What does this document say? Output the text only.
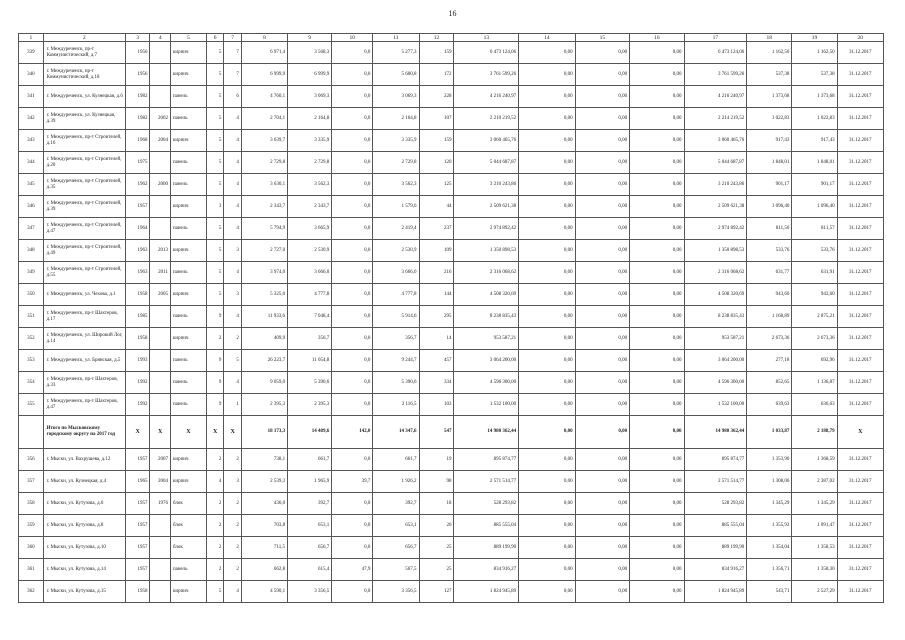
16
1	2	3	4	5	6	7	8	9	10	11	12	13	14	15	16	17	18	19	20
339	г. Междуреченск, пр-т Коммунистический, д.7	1956		кирпич	5	7	6 971,4	3 568,3	0,0	5 277,3	159	6 473 124,06	0,00	0,00	0,00	6 473 124,06	1 162,50	1 162,50	31.12.2017
340	г. Междуреченск, пр-т Коммунистический, д.18	1956		кирпич	5	7	6 999,9	6 999,9	0,0	5 600,8	172	3 761 599,26	0,00	0,00	0,00	3 761 599,26	537,38	537,38	31.12.2017
341	г. Междуреченск, ул. Кузнецкая, д.6	1982		панель	5	6	4 760,1	3 069,3	0,0	3 069,3	228	4 216 240,97	0,00	0,00	0,00	4 216 240,97	1 373,68	1 373,68	31.12.2017
342	г. Междуреченск, ул. Кузнецкая, д.39	1982	2002	панель	5	4	2 704,1	2 164,8	0,0	2 164,8	107	2 210 219,52	0,00	0,00	0,00	2 214 219,52	1 022,83	1 022,83	31.12.2017
343	г. Междуреченск, пр-т Строителей, д.16	1968	2004	кирпич	5	4	3 639,7	3 335,9	0,0	3 335,9	159	3 060 465,76	0,00	0,00	0,00	3 060 465,76	917,43	917,43	31.12.2017
344	г. Междуреченск, пр-т Строителей, д.20	1975		панель	5	4	2 729,8	2 729,8	0,0	2 729,8	120	5 044 687,87	0,00	0,00	0,00	5 044 687,87	1 848,01	1 848,01	31.12.2017
345	г. Междуреченск, пр-т Строителей, д.35	1962	2000	панель	5	4	3 630,1	3 562,3	0,0	3 562,3	125	3 210 243,86	0,00	0,00	0,00	3 210 243,86	901,17	901,17	31.12.2017
346	г. Междуреченск, пр-т Строителей, д.39	1957		кирпич	3	4	2 343,7	2 343,7	0,0	1 579,6	44	2 509 621,38	0,00	0,00	0,00	2 509 621,38	1 096,40	1 096,40	31.12.2017
347	г. Междуреченск, пр-т Строителей, д.47	1964		панель	5	4	5 794,9	3 665,9	0,0	2 419,4	237	2 974 892,42	0,00	0,00	0,00	2 974 892,42	811,50	811,57	31.12.2017
348	г. Междуреченск, пр-т Строителей, д.49	1963	2013	кирпич	5	3	2 727,0	2 530,9	0,0	2 530,9	109	1 350 898,53	0,00	0,00	0,00	1 350 898,53	533,76	533,76	31.12.2017
349	г. Междуреченск, пр-т Строителей, д.55	1963	2011	панель	5	4	3 974,0	3 666,0	0,0	3 666,0	216	2 316 068,62	0,00	0,00	0,00	2 316 068,62	631,77	631,91	31.12.2017
350	г. Междуреченск, ул. Чехова, д.1	1958	2005	кирпич	5	3	5 325,0	4 777,8	0,0	4 777,8	144	4 508 320,69	0,00	0,00	0,00	4 508 320,69	943,60	943,60	31.12.2017
351	г. Междуреченск, пр-т Шахтеров, д.17	1985		панель	9	4	11 933,6	7 048,4	0,0	5 914,6	295	8 238 835,43	0,00	0,00	0,00	8 238 835,43	1 168,89	2 875,21	31.12.2017
352	г. Междуреченск, ул. Широкий Лог, д.14	1958		кирпич	2	2	409,9	356,7	0,0	356,7	14	953 587,21	0,00	0,00	0,00	953 587,21	2 673,36	2 673,36	31.12.2017
353	г. Междуреченск, ул. Брянская, д.5	1993		панель	9	5	26 223,7	11 054,8	0,0	9 244,7	457	3 064 200,00	0,00	0,00	0,00	3 064 200,00	277,18	692,96	31.12.2017
354	г. Междуреченск, пр-т Шахтеров, д.33	1992		панель	9	4	9 059,0	5 390,6	0,0	5 390,6	334	4 596 300,00	0,00	0,00	0,00	4 596 300,00	852,65	1 136,87	31.12.2017
355	г. Междуреченск, пр-т Шахтеров, д.47	1992		панель	9	1	2 395,3	2 395,3	0,0	2 116,5	103	1 532 100,00	0,00	0,00	0,00	1 532 100,00	639,63	636,63	31.12.2017
	Итого по Мысковскому городскому округу на 2017 год	X	X	X	X	X	18 173,3	14 489,6	142,0	14 347,6	547	14 980 362,44	0,00	0,00	0,00	14 980 362,44	1 033,87	2 188,79	X
356	г. Мыски, ул. Вахрушева, д.12	1957	2007	кирпич	2	2	738,1	661,7	0,0	661,7	19	895 874,77	0,00	0,00	0,00	895 874,77	1 353,90	1 368,59	31.12.2017
357	г. Мыски, ул. Кузнецкая, д.4	1965	2004	кирпич	4	3	2 539,3	1 965,9	39,7	1 926,2	98	2 571 514,77	0,00	0,00	0,00	2 571 514,77	1 308,06	2 387,02	31.12.2017
358	г. Мыски, ул. Кутузова, д.6	1957	1976	блок	2	2	436,0	392,7	0,0	392,7	18	528 293,82	0,00	0,00	0,00	528 293,82	1 345,29	1 345,29	31.12.2017
359	г. Мыски, ул. Кутузова, д.8	1957		блок	2	2	703,8	653,1	0,0	653,1	26	885 555,04	0,00	0,00	0,00	885 555,04	1 355,93	1 091,47	31.12.2017
360	г. Мыски, ул. Кутузова, д.10	1957		блок	2	2	711,5	656,7	0,0	656,7	25	889 199,90	0,00	0,00	0,00	889 199,90	1 354,04	1 358,53	31.12.2017
361	г. Мыски, ул. Кутузова, д.14	1957		панель	2	2	662,8	615,4	47,9	567,5	25	834 916,27	0,00	0,00	0,00	834 916,27	1 356,71	1 358,30	31.12.2017
362	г. Мыски, ул. Кутузова, д.15	1958		кирпич	5	4	4 590,1	3 356,5	0,0	3 356,5	127	1 824 945,89	0,00	0,00	0,00	1 824 945,89	543,71	2 527,29	31.12.2017
